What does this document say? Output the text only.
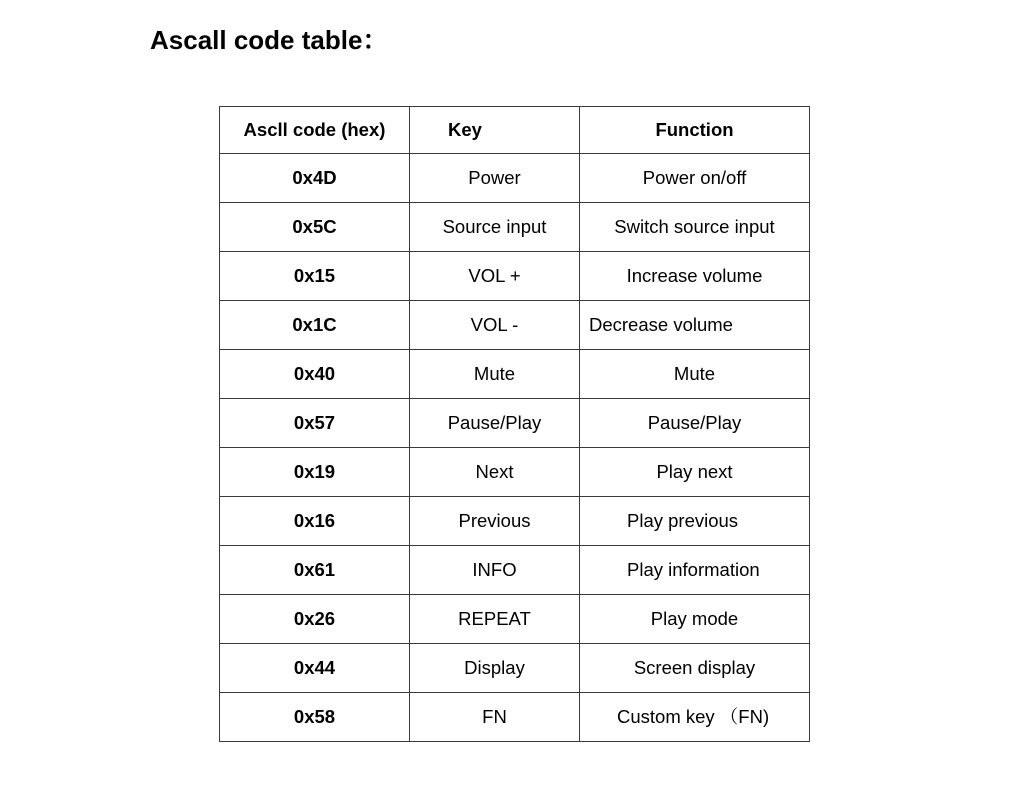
Ascall code table：
Ascll code (hex)	Key	Function
0x4D	Power	Power on/off
0x5C	Source input	Switch source input
0x15	VOL +	Increase volume
0x1C	VOL -	Decrease volume
0x40	Mute	Mute
0x57	Pause/Play	Pause/Play
0x19	Next	Play next
0x16	Previous	Play previous
0x61	INFO	Play information
0x26	REPEAT	Play mode
0x44	Display	Screen display
0x58	FN	Custom key （FN)
